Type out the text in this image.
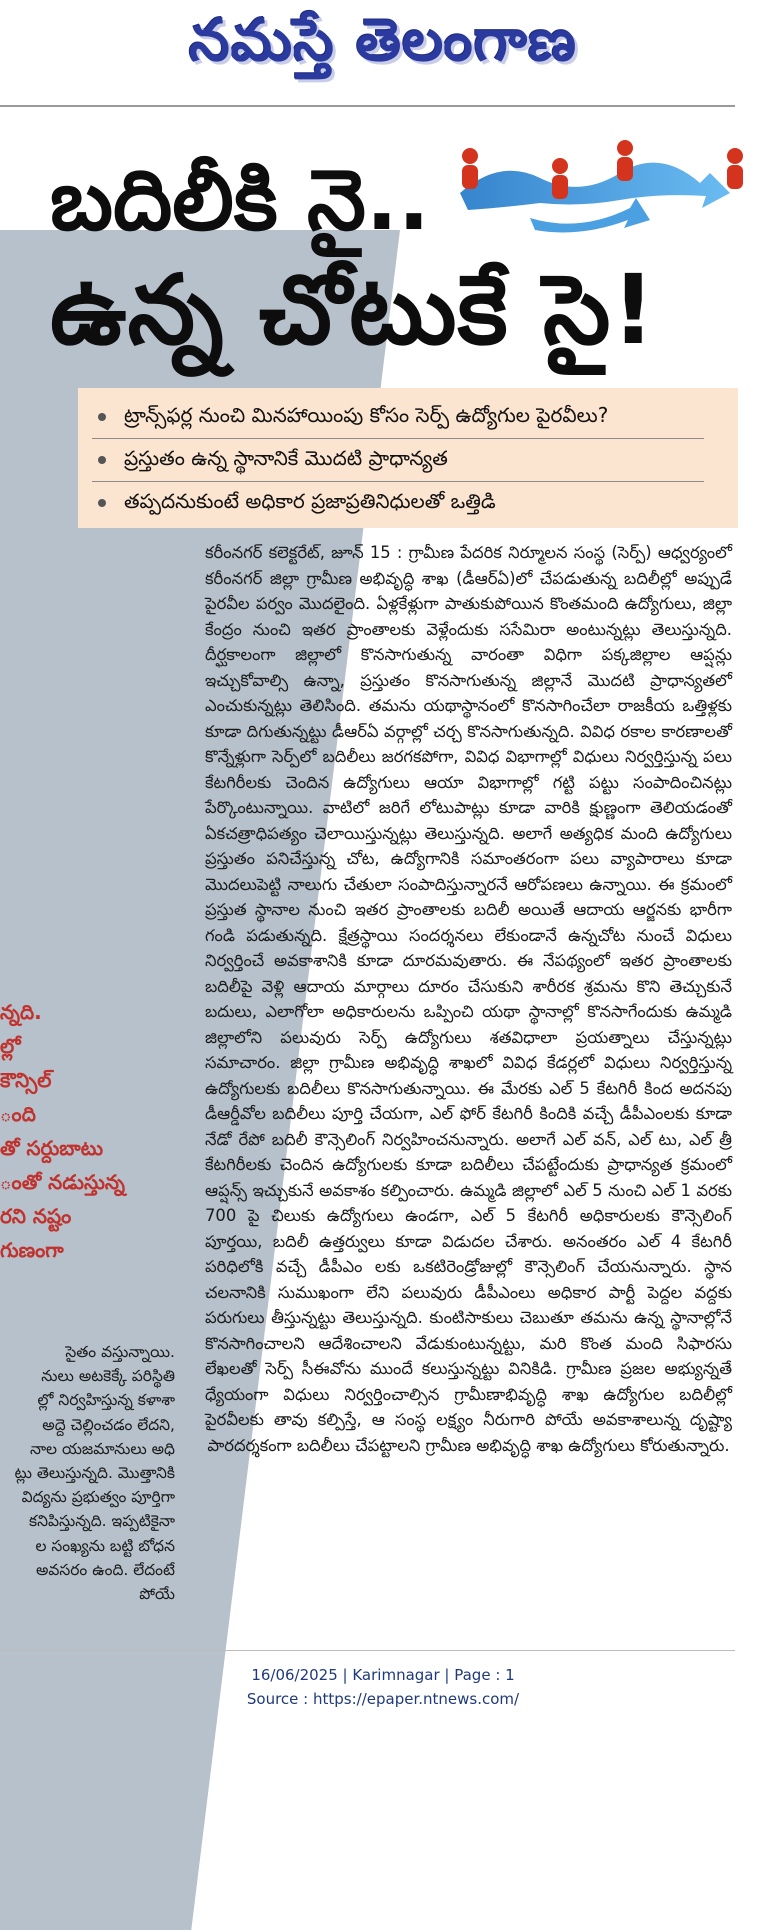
నమస్తే తెలంగాణ
బదిలీకి నై..
ఉన్న చోటుకే సై!
ట్రాన్స్‌ఫర్ల నుంచి మినహాయింపు కోసం సెర్ప్ ఉద్యోగుల పైరవీలు?
ప్రస్తుతం ఉన్న స్థానానికే మొదటి ప్రాధాన్యత
తప్పదనుకుంటే అధికార ప్రజాప్రతినిధులతో ఒత్తిడి

కరీంనగర్ కలెక్టరేట్, జూన్ 15 : గ్రామీణ పేదరిక నిర్మూలన సంస్థ (సెర్ప్) ఆధ్వర్యంలో కరీంనగర్ జిల్లా గ్రామీణ అభివృద్ధి శాఖ (డీఆర్‌ఏ)లో చేపడుతున్న బదిలీల్లో అప్పుడే పైరవీల పర్వం మొదలైంది. ఏళ్లకేళ్లుగా పాతుకుపోయిన కొంతమంది ఉద్యోగులు, జిల్లా కేంద్రం నుంచి ఇతర ప్రాంతాలకు వెళ్లేందుకు ససేమిరా అంటున్నట్లు తెలుస్తున్నది. దీర్ఘకాలంగా జిల్లాలో కొనసాగుతున్న వారంతా విధిగా పక్కజిల్లాల ఆప్షన్లు ఇచ్చుకోవాల్సి ఉన్నా, ప్రస్తుతం కొనసాగుతున్న జిల్లానే మొదటి ప్రాధాన్యతలో ఎంచుకున్నట్లు తెలిసింది. తమను యథాస్థానంలో కొనసాగించేలా రాజకీయ ఒత్తిళ్లకు కూడా దిగుతున్నట్టు డీఆర్‌ఏ వర్గాల్లో చర్చ కొనసాగుతున్నది. వివిధ రకాల కారణాలతో కొన్నేళ్లుగా సెర్ప్‌లో బదిలీలు జరగకపోగా, వివిధ విభాగాల్లో విధులు నిర్వర్తిస్తున్న పలు కేటగిరీలకు చెందిన ఉద్యోగులు ఆయా విభాగాల్లో గట్టి పట్టు సంపాదించినట్లు పేర్కొంటున్నాయి. వాటిలో జరిగే లోటుపాట్లు కూడా వారికి క్షుణ్ణంగా తెలియడంతో ఏకచత్రాధిపత్యం చెలాయిస్తున్నట్లు తెలుస్తున్నది. అలాగే అత్యధిక మంది ఉద్యోగులు ప్రస్తుతం పనిచేస్తున్న చోట, ఉద్యోగానికి సమాంతరంగా పలు వ్యాపారాలు కూడా మొదలుపెట్టి నాలుగు చేతులా సంపాదిస్తున్నారనే ఆరోపణలు ఉన్నాయి. ఈ క్రమంలో ప్రస్తుత స్థానాల నుంచి ఇతర ప్రాంతాలకు బదిలీ అయితే ఆదాయ ఆర్జనకు భారీగా గండి పడుతున్నది. క్షేత్రస్థాయి సందర్శనలు లేకుండానే ఉన్నచోట నుంచే విధులు నిర్వర్తించే అవకాశానికి కూడా దూరమవుతారు. ఈ నేపథ్యంలో ఇతర ప్రాంతాలకు బదిలీపై వెళ్లి ఆదాయ మార్గాలు దూరం చేసుకుని శారీరక శ్రమను కొని తెచ్చుకునే బదులు, ఎలాగోలా అధికారులను ఒప్పించి యథా స్థానాల్లో కొనసాగేందుకు ఉమ్మడి జిల్లాలోని పలువురు సెర్ప్ ఉద్యోగులు శతవిధాలా ప్రయత్నాలు చేస్తున్నట్లు సమాచారం. జిల్లా గ్రామీణ అభివృద్ధి శాఖలో వివిధ కేడర్లలో విధులు నిర్వర్తిస్తున్న ఉద్యోగులకు బదిలీలు కొనసాగుతున్నాయి. ఈ మేరకు ఎల్ 5 కేటగిరీ కింద అదనపు డీఆర్డీవోల బదిలీలు పూర్తి చేయగా, ఎల్ ఫోర్ కేటగిరీ కిందికి వచ్చే డీపీఎంలకు కూడా నేడో రేపో బదిలీ కౌన్సెలింగ్ నిర్వహించనున్నారు. అలాగే ఎల్ వన్, ఎల్ టు, ఎల్ త్రీ కేటగిరీలకు చెందిన ఉద్యోగులకు కూడా బదిలీలు చేపట్టేందుకు ప్రాధాన్యత క్రమంలో ఆప్షన్స్ ఇచ్చుకునే అవకాశం కల్పించారు. ఉమ్మడి జిల్లాలో ఎల్ 5 నుంచి ఎల్ 1 వరకు 700 పై చిలుకు ఉద్యోగులు ఉండగా, ఎల్ 5 కేటగిరీ అధికారులకు కౌన్సెలింగ్ పూర్తయి, బదిలీ ఉత్తర్వులు కూడా విడుదల చేశారు. అనంతరం ఎల్ 4 కేటగిరీ పరిధిలోకి వచ్చే డీపీఎం లకు ఒకటిరెండ్రోజుల్లో కౌన్సెలింగ్ చేయనున్నారు. స్థాన చలనానికి సుముఖంగా లేని పలువురు డీపీఎంలు అధికార పార్టీ పెద్దల వద్దకు పరుగులు తీస్తున్నట్టు తెలుస్తున్నది. కుంటిసాకులు చెబుతూ తమను ఉన్న స్థానాల్లోనే కొనసాగించాలని ఆదేశించాలని వేడుకుంటున్నట్టు, మరి కొంత మంది సిఫారసు లేఖలతో సెర్ప్ సీఈవోను ముందే కలుస్తున్నట్టు వినికిడి. గ్రామీణ ప్రజల అభ్యున్నతే ధ్యేయంగా విధులు నిర్వర్తించాల్సిన గ్రామీణాభివృద్ధి శాఖ ఉద్యోగుల బదిలీల్లో పైరవీలకు తావు కల్పిస్తే, ఆ సంస్థ లక్ష్యం నీరుగారి పోయే అవకాశాలున్న దృష్ట్యా పారదర్శకంగా బదిలీలు చేపట్టాలని గ్రామీణ అభివృద్ధి శాఖ ఉద్యోగులు కోరుతున్నారు.

న్నది.
ల్లో
కౌన్సిల్
ంది
తో సర్దుబాటు
ంతో నడుస్తున్న
రని నష్టం
గుణంగా
సైతం వస్తున్నాయి.
నులు అటకెక్కే పరిస్థితి
ల్లో నిర్వహిస్తున్న కళాశా
అద్దె చెల్లించడం లేదని,
నాల యజమానులు అధి
ట్లు తెలుస్తున్నది. మొత్తానికి
విద్యను ప్రభుత్వం పూర్తిగా
కనిపిస్తున్నది. ఇప్పటికైనా
ల సంఖ్యను బట్టి బోధన
అవసరం ఉంది. లేదంటే
పోయే
16/06/2025 | Karimnagar | Page : 1
Source : https://epaper.ntnews.com/
